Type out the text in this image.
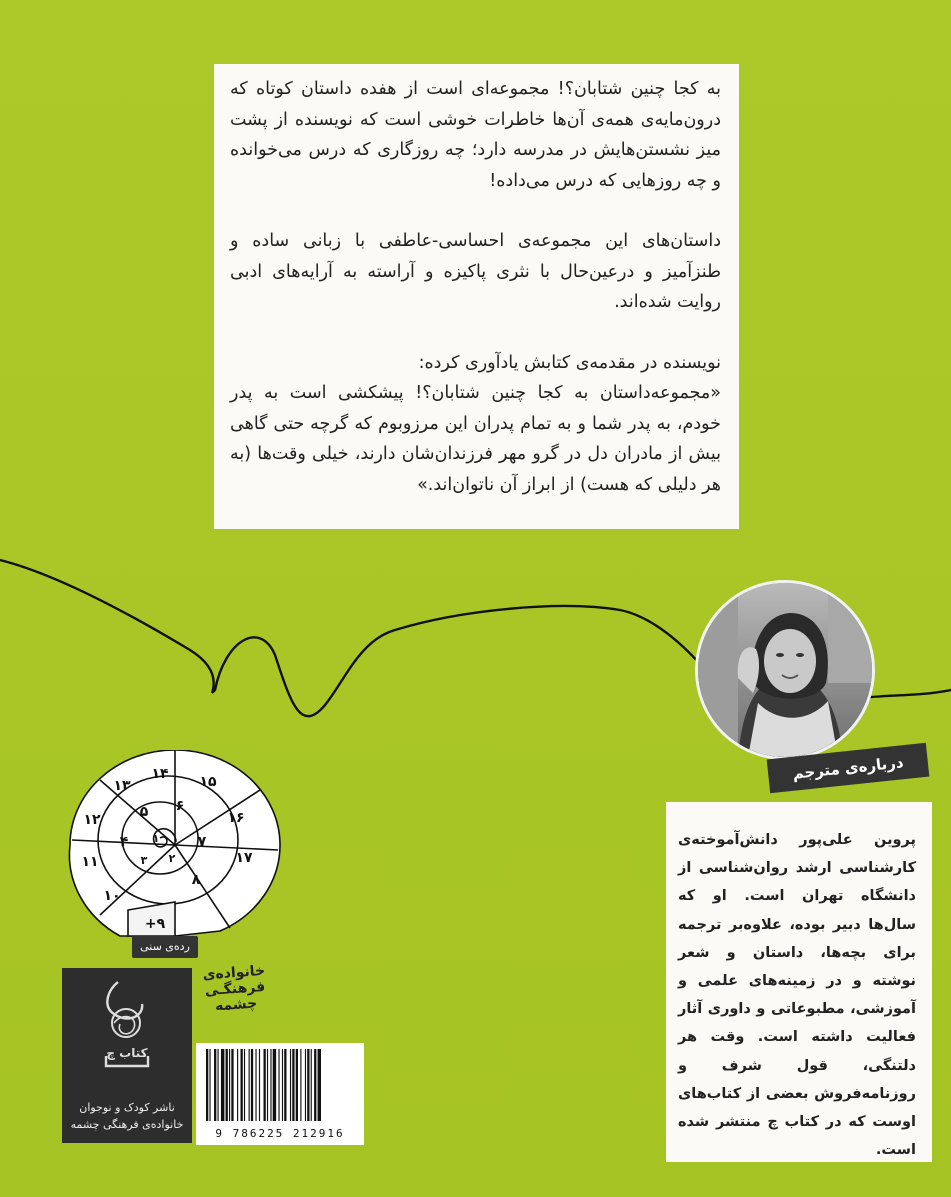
به کجا چنین شتابان؟! مجموعه‌ای است از هفده داستان کوتاه که درون‌مایه‌ی همه‌ی آن‌ها خاطرات خوشی است که نویسنده از پشت میز نشستن‌هایش در مدرسه دارد؛ چه روزگاری که درس می‌خوانده و چه روزهایی که درس می‌داده!

داستان‌های این مجموعه‌ی احساسی-عاطفی با زبانی ساده و طنزآمیز و درعین‌حال با نثری پاکیزه و آراسته به آرایه‌های ادبی روایت شده‌اند.

نویسنده در مقدمه‌ی کتابش یادآوری کرده:
«مجموعه‌داستان به کجا چنین شتابان؟! پیشکشی است به پدر خودم، به پدر شما و به تمام پدران این مرزوبوم که گرچه حتی گاهی بیش از مادران دل در گرو مهر فرزندان‌شان دارند، خیلی وقت‌ها (به هر دلیلی که هست) از ابراز آن ناتوان‌اند.»

درباره‌ی مترجم
پروین علی‌پور دانش‌آموخته‌ی کارشناسی ارشد روان‌شناسی از دانشگاه تهران است. او که سال‌ها دبیر بوده، علاوه‌بر ترجمه برای بچه‌ها، داستان و شعر نوشته و در زمینه‌های علمی و آموزشی، مطبوعاتی و داوری آثار فعالیت داشته است. وقت هر دلتنگی، قول شرف و روزنامه‌فروش بعضی از کتاب‌های اوست که در کتاب چ منتشر شده است.
+۹
۱۰
۱۱
۱۲
۱۳
۱۴ ۱۵
۱۶
۱۷
۴
۵ ۶
۷
۸
۱
۲
۳
رده‌ی سنی
کتاب چ
ناشر کودک و نوجوان
خانواده‌ی فرهنگی چشمه
خانواده‌ی
فرهنگـی
چشمه
9 786225 212916
